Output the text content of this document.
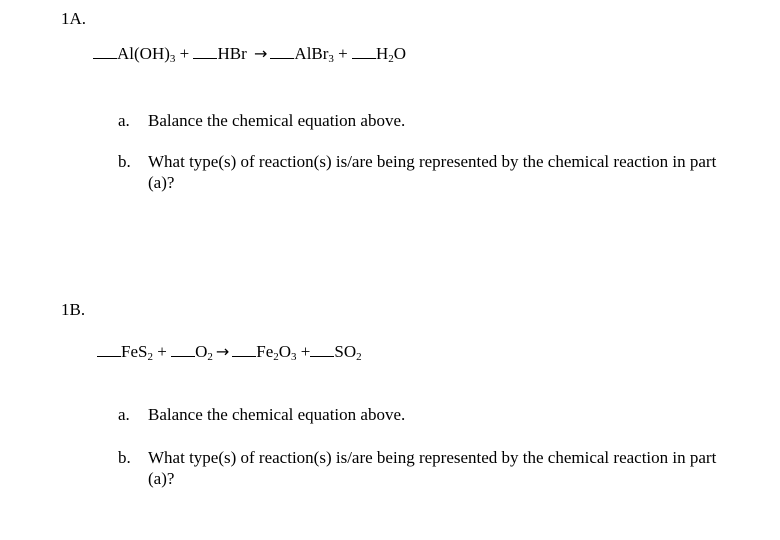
1A.
$Al(OH)_3$ + HBr → AlBr$_3$ + $H_2O$
a.	Balance the chemical equation above.
b.	What type(s) of reaction(s) is/are being represented by the chemical reaction in part (a)?
1B.
$FeS_2 + O_2 \to Fe_2O_3 + SO_2$
a.	Balance the chemical equation above.
b.	What type(s) of reaction(s) is/are being represented by the chemical reaction in part (a)?
